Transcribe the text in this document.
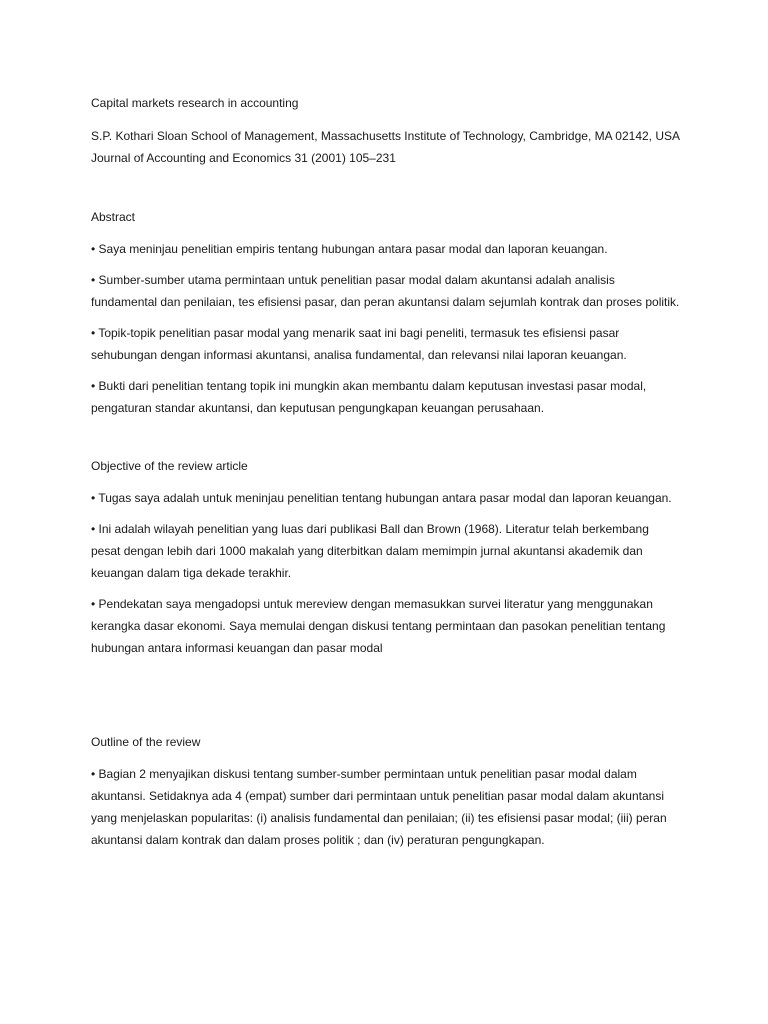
Capital markets research in accounting

S.P. Kothari Sloan School of Management, Massachusetts Institute of Technology, Cambridge, MA 02142, USA Journal of Accounting and Economics 31 (2001) 105–231

Abstract

• Saya meninjau penelitian empiris tentang hubungan antara pasar modal dan laporan keuangan.

• Sumber-sumber utama permintaan untuk penelitian pasar modal dalam akuntansi adalah analisis fundamental dan penilaian, tes efisiensi pasar, dan peran akuntansi dalam sejumlah kontrak dan proses politik.

• Topik-topik penelitian pasar modal yang menarik saat ini bagi peneliti, termasuk tes efisiensi pasar sehubungan dengan informasi akuntansi, analisa fundamental, dan relevansi nilai laporan keuangan.

• Bukti dari penelitian tentang topik ini mungkin akan membantu dalam keputusan investasi pasar modal, pengaturan standar akuntansi, dan keputusan pengungkapan keuangan perusahaan.

Objective of the review article

• Tugas saya adalah untuk meninjau penelitian tentang hubungan antara pasar modal dan laporan keuangan.

• Ini adalah wilayah penelitian yang luas dari publikasi Ball dan Brown (1968). Literatur telah berkembang pesat dengan lebih dari 1000 makalah yang diterbitkan dalam memimpin jurnal akuntansi akademik dan keuangan dalam tiga dekade terakhir.

• Pendekatan saya mengadopsi untuk mereview dengan memasukkan survei literatur yang menggunakan kerangka dasar ekonomi. Saya memulai dengan diskusi tentang permintaan dan pasokan penelitian tentang hubungan antara informasi keuangan dan pasar modal

Outline of the review

• Bagian 2 menyajikan diskusi tentang sumber-sumber permintaan untuk penelitian pasar modal dalam akuntansi. Setidaknya ada 4 (empat) sumber dari permintaan untuk penelitian pasar modal dalam akuntansi yang menjelaskan popularitas: (i) analisis fundamental dan penilaian; (ii) tes efisiensi pasar modal; (iii) peran akuntansi dalam kontrak dan dalam proses politik ; dan (iv) peraturan pengungkapan.
